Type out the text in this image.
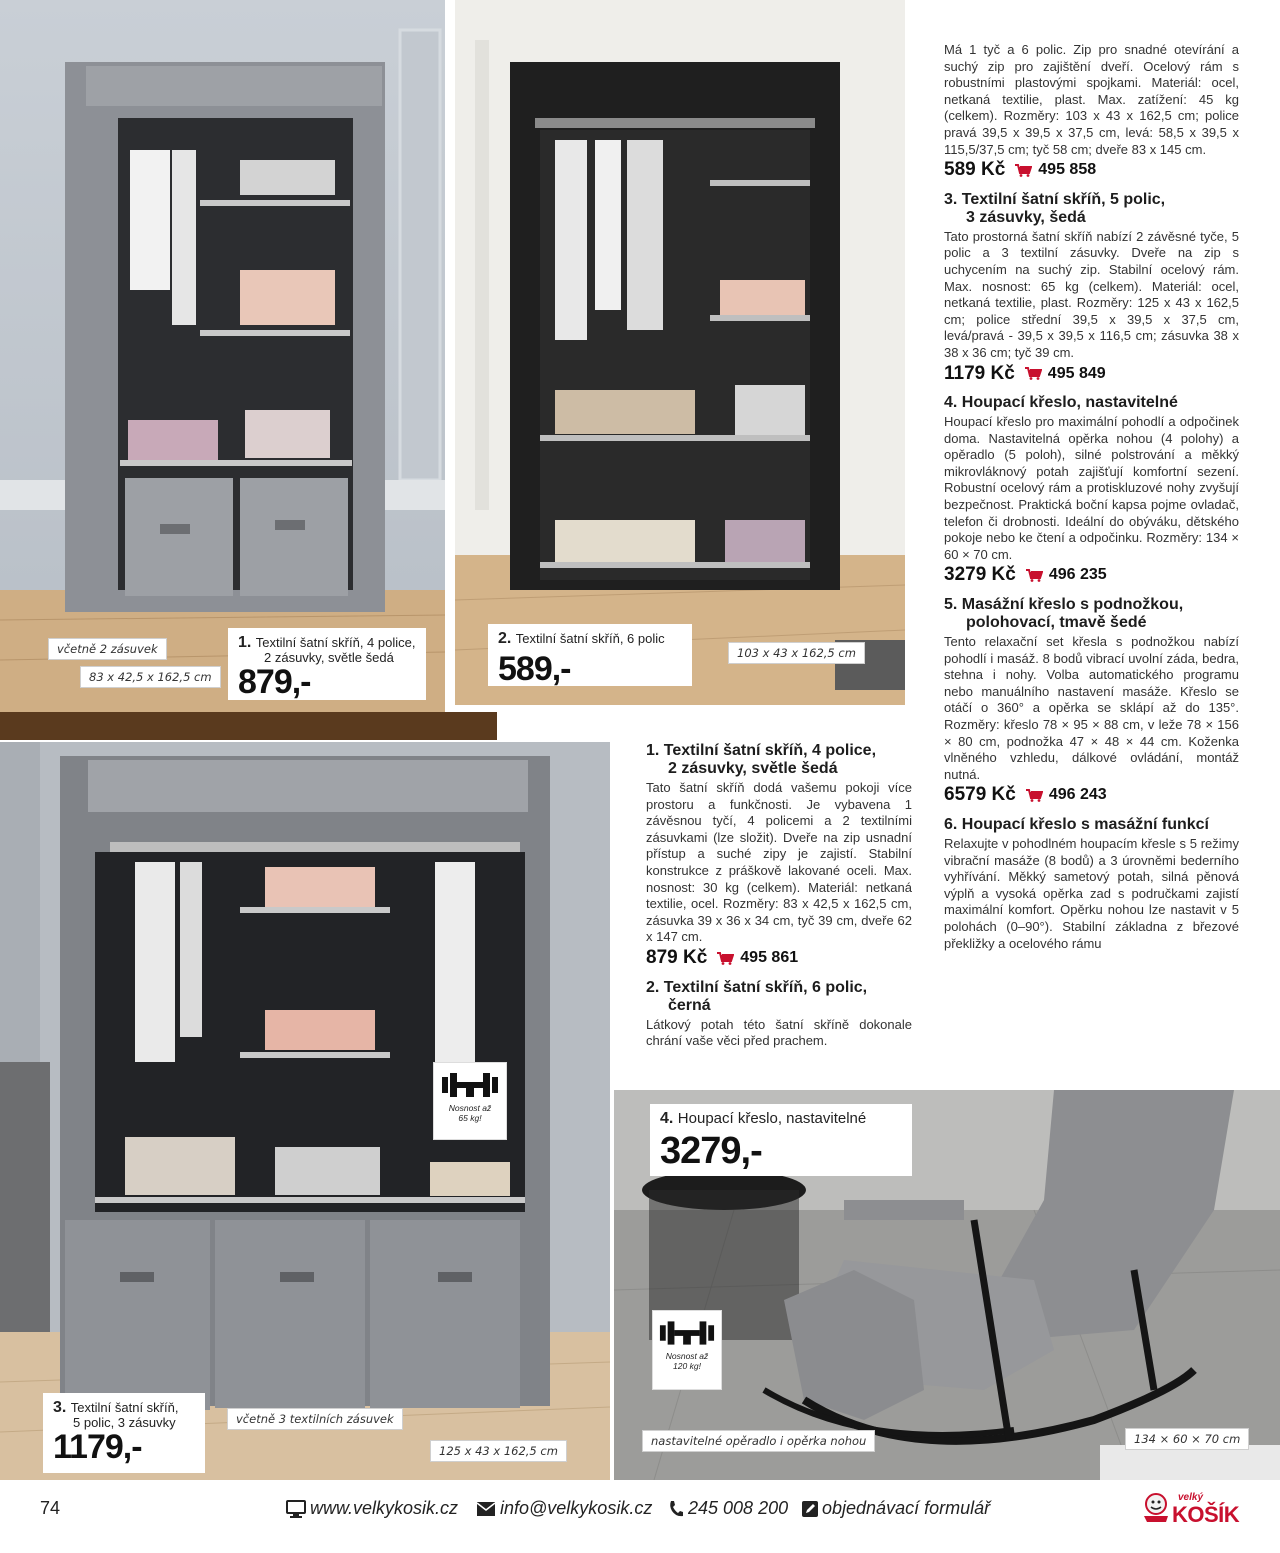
včetně 2 zásuvek
83 x 42,5 x 162,5 cm
1. Textilní šatní skříň, 4 police,
2 zásuvky, světle šedá
879,-
2. Textilní šatní skříň, 6 polic
589,-	103 x 43 x 162,5 cm

Má 1 tyč a 6 polic. Zip pro snadné otevírání a suchý zip pro zajištění dveří. Ocelový rám s robustními plastovými spojkami. Materiál: ocel, netkaná textilie, plast. Max. zatížení: 45 kg (celkem). Rozměry: 103 x 43 x 162,5 cm; police pravá 39,5 x 39,5 x 37,5 cm, levá: 58,5 x 39,5 x 115,5/37,5 cm; tyč 58 cm; dveře 83 x 145 cm.

589 Kč 495 858
3. Textilní šatní skříň, 5 polic,
3 zásuvky, šedá

Tato prostorná šatní skříň nabízí 2 závěsné tyče, 5 polic a 3 textilní zásuvky. Dveře na zip s uchycením na suchý zip. Stabilní ocelový rám. Max. nosnost: 65 kg (celkem). Materiál: ocel, netkaná textilie, plast. Rozměry: 125 x 43 x 162,5 cm; police střední 39,5 x 39,5 x 37,5 cm, levá/pravá - 39,5 x 39,5 x 116,5 cm; zásuvka 38 x 38 x 36 cm; tyč 39 cm.

1179 Kč 495 849
4. Houpací křeslo, nastavitelné

Houpací křeslo pro maximální pohodlí a odpočinek doma. Nastavitelná opěrka nohou (4 polohy) a opěradlo (5 poloh), silné polstrování a měkký mikrovláknový potah zajišťují komfortní sezení. Robustní ocelový rám a protiskluzové nohy zvyšují bezpečnost. Praktická boční kapsa pojme ovladač, telefon či drobnosti. Ideální do obýváku, dětského pokoje nebo ke čtení a odpočinku. Rozměry: 134 × 60 × 70 cm.

3279 Kč 496 235
5. Masážní křeslo s podnožkou,
polohovací, tmavě šedé

Tento relaxační set křesla s podnožkou nabízí pohodlí i masáž. 8 bodů vibrací uvolní záda, bedra, stehna i nohy. Volba automatického programu nebo manuálního nastavení masáže. Křeslo se otáčí o 360° a opěrka se sklápí až do 135°. Rozměry: křeslo 78 × 95 × 88 cm, v leže 78 × 156 × 80 cm, podnožka 47 × 48 × 44 cm. Koženka vlněného vzhledu, dálkové ovládání, montáž nutná.

6579 Kč 496 243
6. Houpací křeslo s masážní funkcí

Relaxujte v pohodlném houpacím křesle s 5 režimy vibrační masáže (8 bodů) a 3 úrovněmi bederního vyhřívání. Měkký sametový potah, silná pěnová výplň a vysoká opěrka zad s područkami zajistí maximální komfort. Opěrku nohou lze nastavit v 5 polohách (0–90°). Stabilní základna z březové překližky a ocelového rámu

Nosnost až 65 kg!
3. Textilní šatní skříň,
5 polic, 3 zásuvky
1179,-
včetně 3 textilních zásuvek
125 x 43 x 162,5 cm
1. Textilní šatní skříň, 4 police,
2 zásuvky, světle šedá

Tato šatní skříň dodá vašemu pokoji více prostoru a funkčnosti. Je vybavena 1 závěsnou tyčí, 4 policemi a 2 textilními zásuvkami (lze složit). Dveře na zip usnadní přístup a suché zipy je zajistí. Stabilní konstrukce z práškově lakované oceli. Max. nosnost: 30 kg (celkem). Materiál: netkaná textilie, ocel. Rozměry: 83 x 42,5 x 162,5 cm, zásuvka 39 x 36 x 34 cm, tyč 39 cm, dveře 62 x 147 cm.

879 Kč 495 861
2. Textilní šatní skříň, 6 polic,
černá

Látkový potah této šatní skříně dokonale chrání vaše věci před prachem.

4. Houpací křeslo, nastavitelné
3279,-
Nosnost až 120 kg!
nastavitelné opěradlo i opěrka nohou	134 × 60 × 70 cm
74	www.velkykosik.cz info@velkykosik.cz 245 008 200 objednávací formulář
velký
KOŠÍK
